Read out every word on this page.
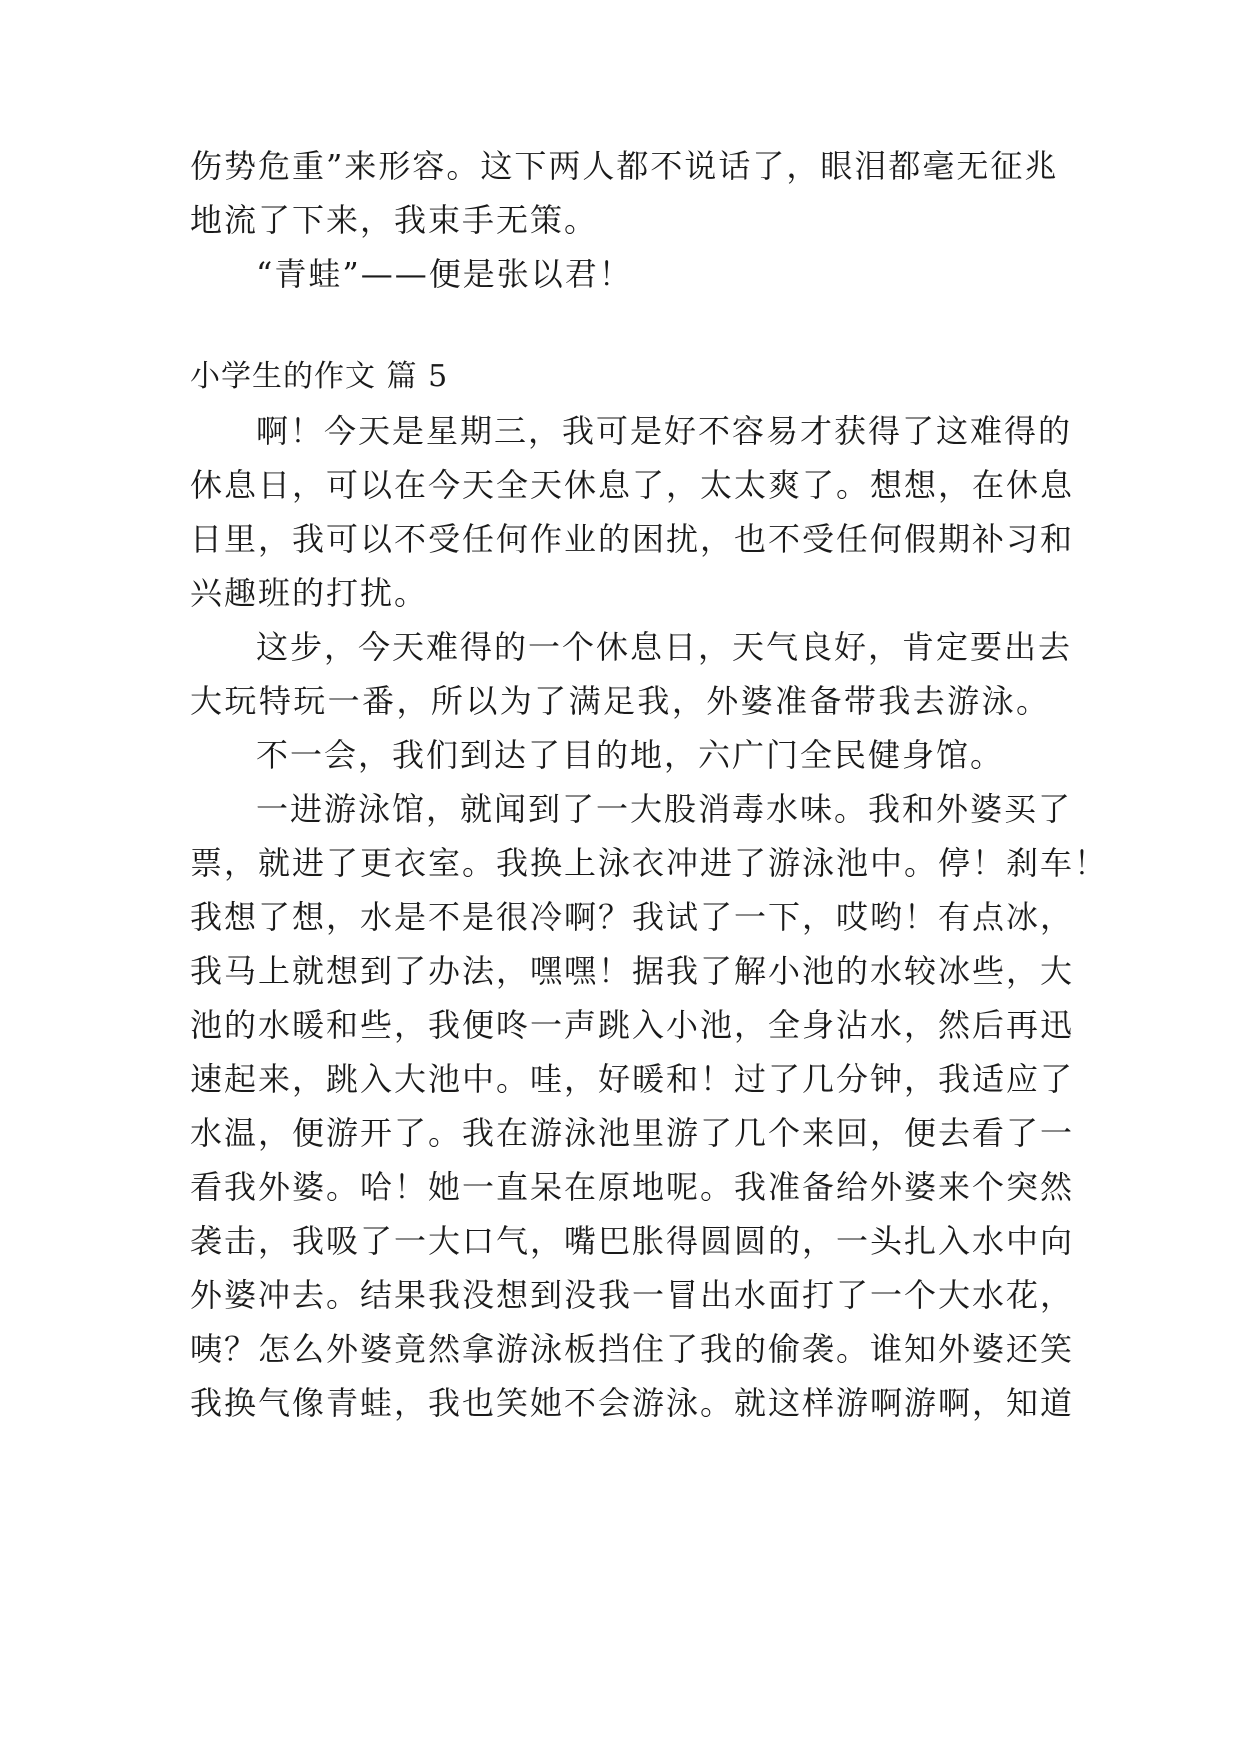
伤势危重”来形容。这下两人都不说话了，眼泪都毫无征兆
地流了下来，我束手无策。
“青蛙”——便是张以君！
小学生的作文 篇 5
啊！今天是星期三，我可是好不容易才获得了这难得的
休息日，可以在今天全天休息了，太太爽了。想想，在休息
日里，我可以不受任何作业的困扰，也不受任何假期补习和
兴趣班的打扰。
这步，今天难得的一个休息日，天气良好，肯定要出去
大玩特玩一番，所以为了满足我，外婆准备带我去游泳。
不一会，我们到达了目的地，六广门全民健身馆。
一进游泳馆，就闻到了一大股消毒水味。我和外婆买了
票，就进了更衣室。我换上泳衣冲进了游泳池中。停！刹车！
我想了想，水是不是很冷啊？我试了一下，哎哟！有点冰，
我马上就想到了办法，嘿嘿！据我了解小池的水较冰些，大
池的水暖和些，我便咚一声跳入小池，全身沾水，然后再迅
速起来，跳入大池中。哇，好暖和！过了几分钟，我适应了
水温，便游开了。我在游泳池里游了几个来回，便去看了一
看我外婆。哈！她一直呆在原地呢。我准备给外婆来个突然
袭击，我吸了一大口气，嘴巴胀得圆圆的，一头扎入水中向
外婆冲去。结果我没想到没我一冒出水面打了一个大水花，
咦？怎么外婆竟然拿游泳板挡住了我的偷袭。谁知外婆还笑
我换气像青蛙，我也笑她不会游泳。就这样游啊游啊，知道
